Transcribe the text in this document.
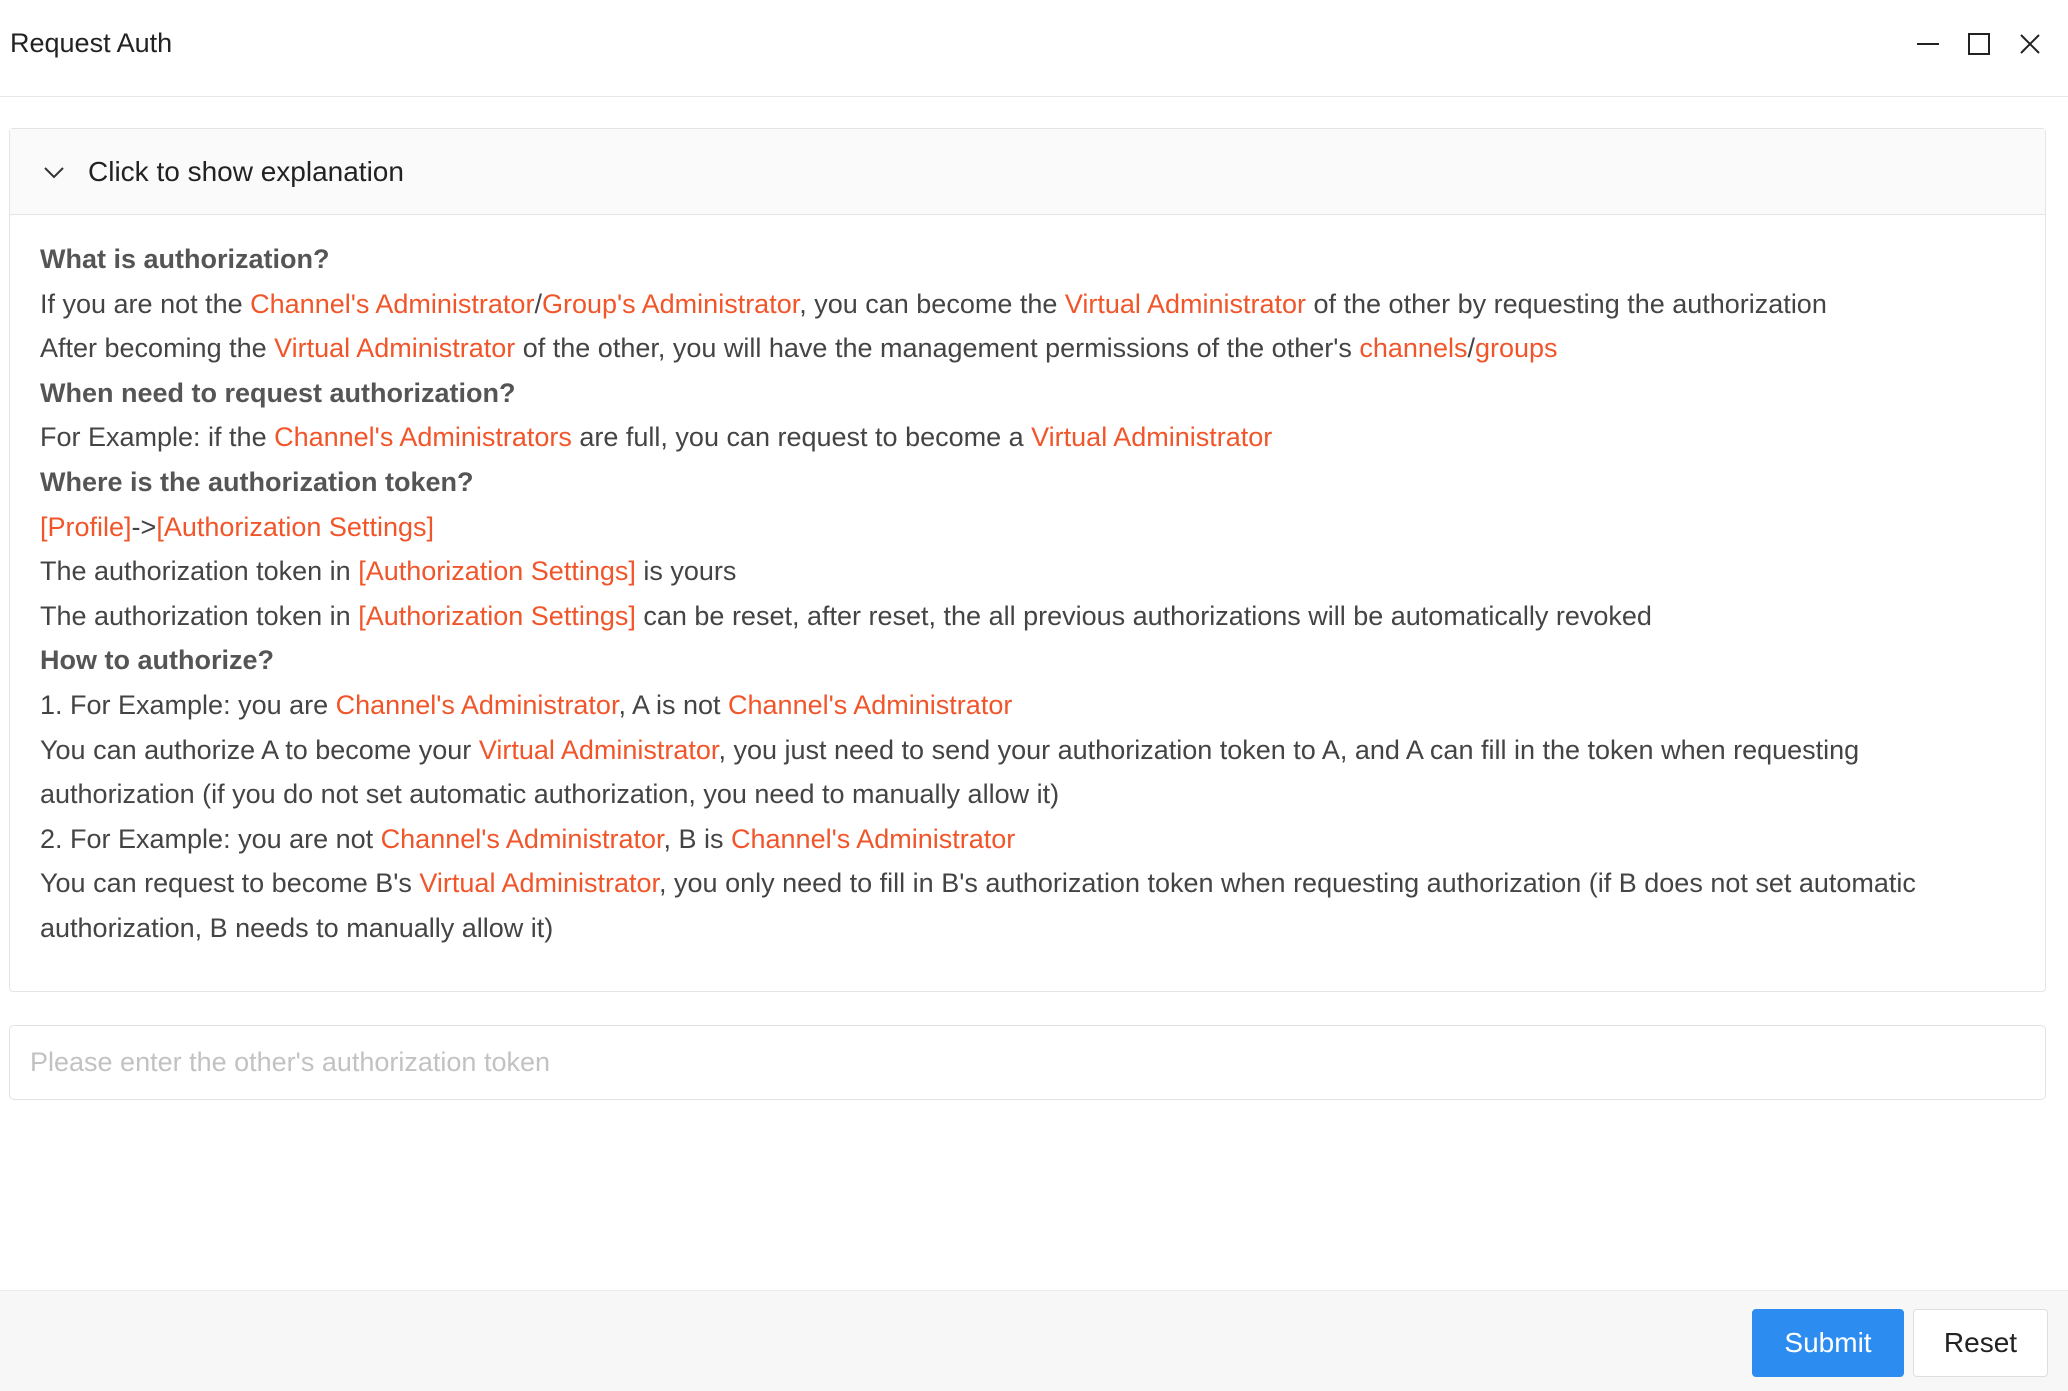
Request Auth
Click to show explanation
What is authorization?
If you are not the Channel's Administrator/Group's Administrator, you can become the Virtual Administrator of the other by requesting the authorization
After becoming the Virtual Administrator of the other, you will have the management permissions of the other's channels/groups
When need to request authorization?
For Example: if the Channel's Administrators are full, you can request to become a Virtual Administrator
Where is the authorization token?
[Profile]->[Authorization Settings]
The authorization token in [Authorization Settings] is yours
The authorization token in [Authorization Settings] can be reset, after reset, the all previous authorizations will be automatically revoked
How to authorize?
1. For Example: you are Channel's Administrator, A is not Channel's Administrator
You can authorize A to become your Virtual Administrator, you just need to send your authorization token to A, and A can fill in the token when requesting authorization (if you do not set automatic authorization, you need to manually allow it)
2. For Example: you are not Channel's Administrator, B is Channel's Administrator
You can request to become B's Virtual Administrator, you only need to fill in B's authorization token when requesting authorization (if B does not set automatic authorization, B needs to manually allow it)
Please enter the other's authorization token
Submit	Reset
